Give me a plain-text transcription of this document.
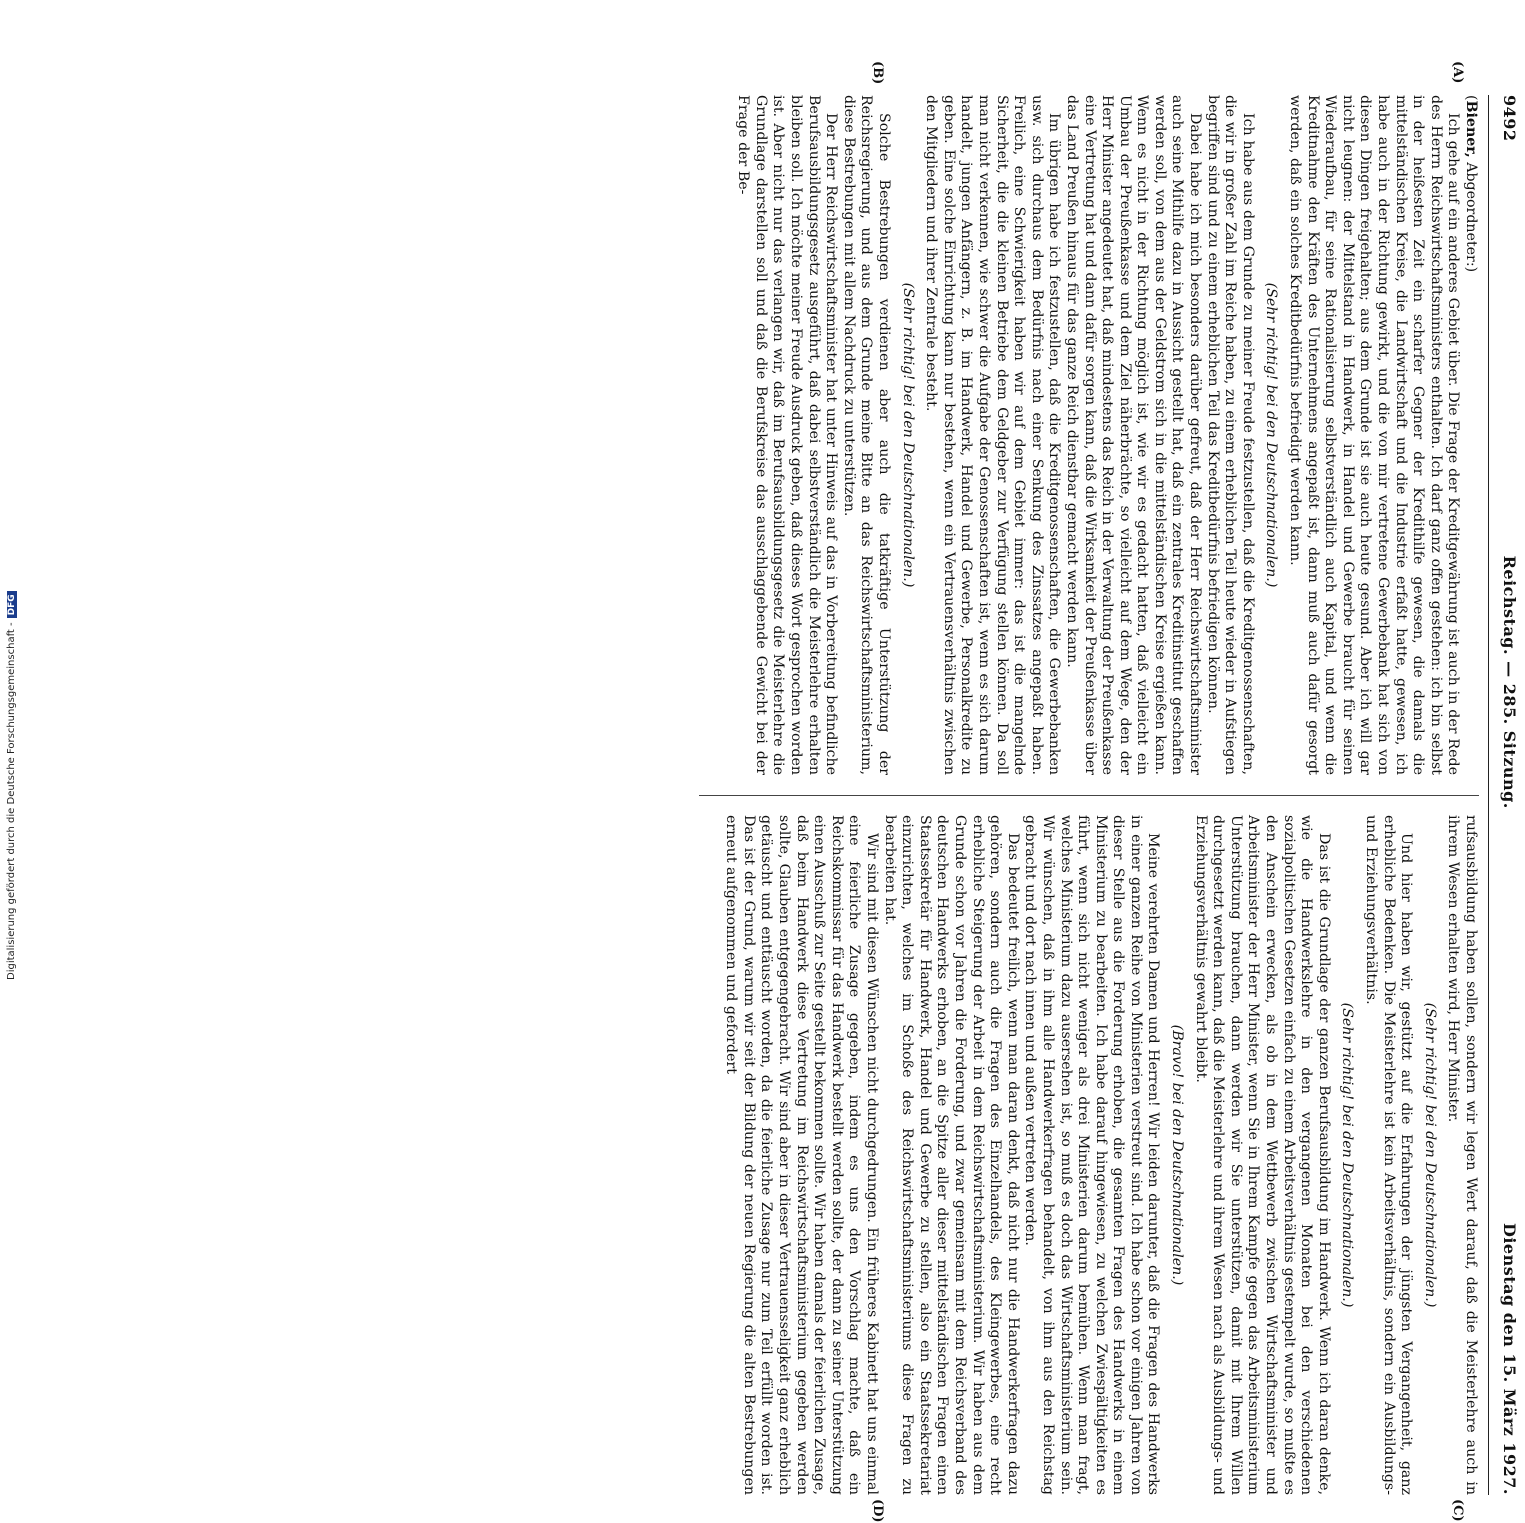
9492
Reichstag. — 285. Sitzung.
Dienstag den 15. März 1927.

(Biener, Abgeordneter:)

Ich gehe auf ein anderes Gebiet über. Die Frage der Kreditgewährung ist auch in der Rede des Herrn Reichswirtschaftsministers enthalten. Ich darf ganz offen gestehen: ich bin selbst in der heißesten Zeit ein scharfer Gegner der Kredithilfe gewesen, die damals die mittelständischen Kreise, die Landwirtschaft und die Industrie erfaßt hatte, gewesen, ich habe auch in der Richtung gewirkt, und die von mir vertretene Gewerbebank hat sich von diesen Dingen freigehalten; aus dem Grunde ist sie auch heute gesund. Aber ich will gar nicht leugnen: der Mittelstand in Handwerk, in Handel und Gewerbe braucht für seinen Wiederaufbau, für seine Rationalisierung selbstverständlich auch Kapital, und wenn die Kreditnahme den Kräften des Unternehmens angepaßt ist, dann muß auch dafür gesorgt werden, daß ein solches Kreditbedürfnis befriedigt werden kann.

(Sehr richtig! bei den Deutschnationalen.)

Ich habe aus dem Grunde zu meiner Freude festzustellen, daß die Kreditgenossenschaften, die wir in großer Zahl im Reiche haben, zu einem erheblichen Teil heute wieder in Aufstiegen begriffen sind und zu einem erheblichen Teil das Kreditbedürfnis befriedigen können.

Dabei habe ich mich besonders darüber gefreut, daß der Herr Reichswirtschaftsminister auch seine Mithilfe dazu in Aussicht gestellt hat, daß ein zentrales Kreditinstitut geschaffen werden soll, von dem aus der Geldstrom sich in die mittelständischen Kreise ergießen kann. Wenn es nicht in der Richtung möglich ist, wie wir es gedacht hatten, daß vielleicht ein Umbau der Preußenkasse und dem Ziel näherbrächte, so vielleicht auf dem Wege, den der Herr Minister angedeutet hat, daß mindestens das Reich in der Verwaltung der Preußenkasse eine Vertretung hat und dann dafür sorgen kann, daß die Wirksamkeit der Preußenkasse über das Land Preußen hinaus für das ganze Reich dienstbar gemacht werden kann.

Im übrigen habe ich festzustellen, daß die Kreditgenossenschaften, die Gewerbebanken usw. sich durchaus dem Bedürfnis nach einer Senkung des Zinssatzes angepaßt haben. Freilich, eine Schwierigkeit haben wir auf dem Gebiet immer: das ist die mangelnde Sicherheit, die die kleinen Betriebe dem Geldgeber zur Verfügung stellen können. Da soll man nicht verkennen, wie schwer die Aufgabe der Genossenschaften ist, wenn es sich darum handelt, jungen Anfängern, z. B. im Handwerk, Handel und Gewerbe, Personalkredite zu geben. Eine solche Einrichtung kann nur bestehen, wenn ein Vertrauensverhältnis zwischen den Mitgliedern und ihrer Zentrale besteht.

(Sehr richtig! bei den Deutschnationalen.)

Solche Bestrebungen verdienen aber auch die tatkräftige Unterstützung der Reichsregierung, und aus dem Grunde meine Bitte an das Reichswirtschaftsministerium, diese Bestrebungen mit allem Nachdruck zu unterstützen.

Der Herr Reichswirtschaftsminister hat unter Hinweis auf das in Vorbereitung befindliche Berufsausbildungsgesetz ausgeführt, daß dabei selbstverständlich die Meisterlehre erhalten bleiben soll. Ich möchte meiner Freude Ausdruck geben, daß dieses Wort gesprochen worden ist. Aber nicht nur das verlangen wir, daß im Berufsausbildungsgesetz die Meisterlehre die Grundlage darstellen soll und daß die Berufskreise das ausschlaggebende Gewicht bei der Frage der Be-

rufsausbildung haben sollen, sondern wir legen Wert darauf, daß die Meisterlehre auch in ihrem Wesen erhalten wird, Herr Minister.

(Sehr richtig! bei den Deutschnationalen.)

Und hier haben wir, gestützt auf die Erfahrungen der jüngsten Vergangenheit, ganz erhebliche Bedenken. Die Meisterlehre ist kein Arbeitsverhältnis, sondern ein Ausbildungs- und Erziehungsverhältnis.

(Sehr richtig! bei den Deutschnationalen.)

Das ist die Grundlage der ganzen Berufsausbildung im Handwerk. Wenn ich daran denke, wie die Handwerkslehre in den vergangenen Monaten bei den verschiedenen sozialpolitischen Gesetzen einfach zu einem Arbeitsverhältnis gestempelt wurde, so mußte es den Anschein erwecken, als ob in dem Wettbewerb zwischen Wirtschaftsminister und Arbeitsminister der Herr Minister, wenn Sie in Ihrem Kampfe gegen das Arbeitsministerium Unterstützung brauchen, dann werden wir Sie unterstützen, damit mit Ihrem Willen durchgesetzt werden kann, daß die Meisterlehre und ihrem Wesen nach als Ausbildungs- und Erziehungsverhältnis gewahrt bleibt.

(Bravo! bei den Deutschnationalen.)

Meine verehrten Damen und Herren! Wir leiden darunter, daß die Fragen des Handwerks in einer ganzen Reihe von Ministerien verstreut sind. Ich habe schon vor einigen Jahren von dieser Stelle aus die Forderung erhoben, die gesamten Fragen des Handwerks in einem Ministerium zu bearbeiten. Ich habe darauf hingewiesen, zu welchen Zwiespältigkeiten es führt, wenn sich nicht weniger als drei Ministerien darum bemühen. Wenn man fragt, welches Ministerium dazu ausersehen ist, so muß es doch das Wirtschaftsministerium sein. Wir wünschen, daß in ihm alle Handwerkerfragen behandelt, von ihm aus den Reichstag gebracht und dort nach innen und außen vertreten werden.

Das bedeutet freilich, wenn man daran denkt, daß nicht nur die Handwerkerfragen dazu gehören, sondern auch die Fragen des Einzelhandels, des Kleingewerbes, eine recht erhebliche Steigerung der Arbeit in dem Reichswirtschaftsministerium. Wir haben aus dem Grunde schon vor Jahren die Forderung, und zwar gemeinsam mit dem Reichsverband des deutschen Handwerks erhoben, an die Spitze aller dieser mittelständischen Fragen einen Staatssekretär für Handwerk, Handel und Gewerbe zu stellen, also ein Staatssekretariat einzurichten, welches im Schoße des Reichswirtschaftsministeriums diese Fragen zu bearbeiten hat.

Wir sind mit diesen Wünschen nicht durchgedrungen. Ein früheres Kabinett hat uns einmal eine feierliche Zusage gegeben, indem es uns den Vorschlag machte, daß ein Reichskommissar für das Handwerk bestellt werden sollte, der dann zu seiner Unterstützung einen Ausschuß zur Seite gestellt bekommen sollte. Wir haben damals der feierlichen Zusage, daß beim Handwerk diese Vertretung im Reichswirtschaftsministerium gegeben werden sollte, Glauben entgegengebracht. Wir sind aber in dieser Vertrauensseligkeit ganz erheblich getäuscht und enttäuscht worden, da die feierliche Zusage nur zum Teil erfüllt worden ist. Das ist der Grund, warum wir seit der Bildung der neuen Regierung die alten Bestrebungen erneut aufgenommen und gefordert

(A)
(B)
(C)
(D)
Digitalisierung gefördert durch die Deutsche Forschungsgemeinschaft -DFG
